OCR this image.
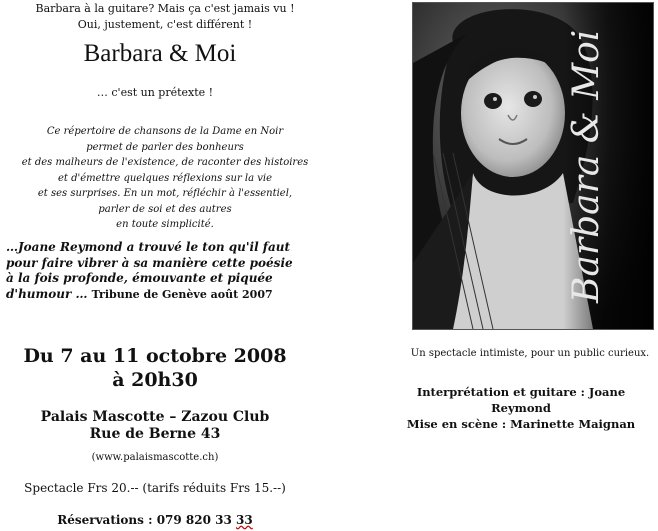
Barbara à la guitare? Mais ça c'est jamais vu !
Oui, justement, c'est différent !
Barbara & Moi
… c'est un prétexte !
Ce répertoire de chansons de la Dame en Noir
permet de parler des bonheurs
et des malheurs de l'existence, de raconter des histoires
et d'émettre quelques réflexions sur la vie
et ses surprises. En un mot, réfléchir à l'essentiel,
parler de soi et des autres
en toute simplicité.
…Joane Reymond a trouvé le ton qu'il faut
pour faire vibrer à sa manière cette poésie
à la fois profonde, émouvante et piquée
d'humour … Tribune de Genève août 2007
Du 7 au 11 octobre 2008
à 20h30
Palais Mascotte – Zazou Club
Rue de Berne 43
(www.palaismascotte.ch)
Spectacle Frs 20.-- (tarifs réduits Frs 15.--)
Réservations : 079 820 33 33
Barbara & Moi
Un spectacle intimiste, pour un public curieux.
Interprétation et guitare : Joane Reymond
Mise en scène : Marinette Maignan
